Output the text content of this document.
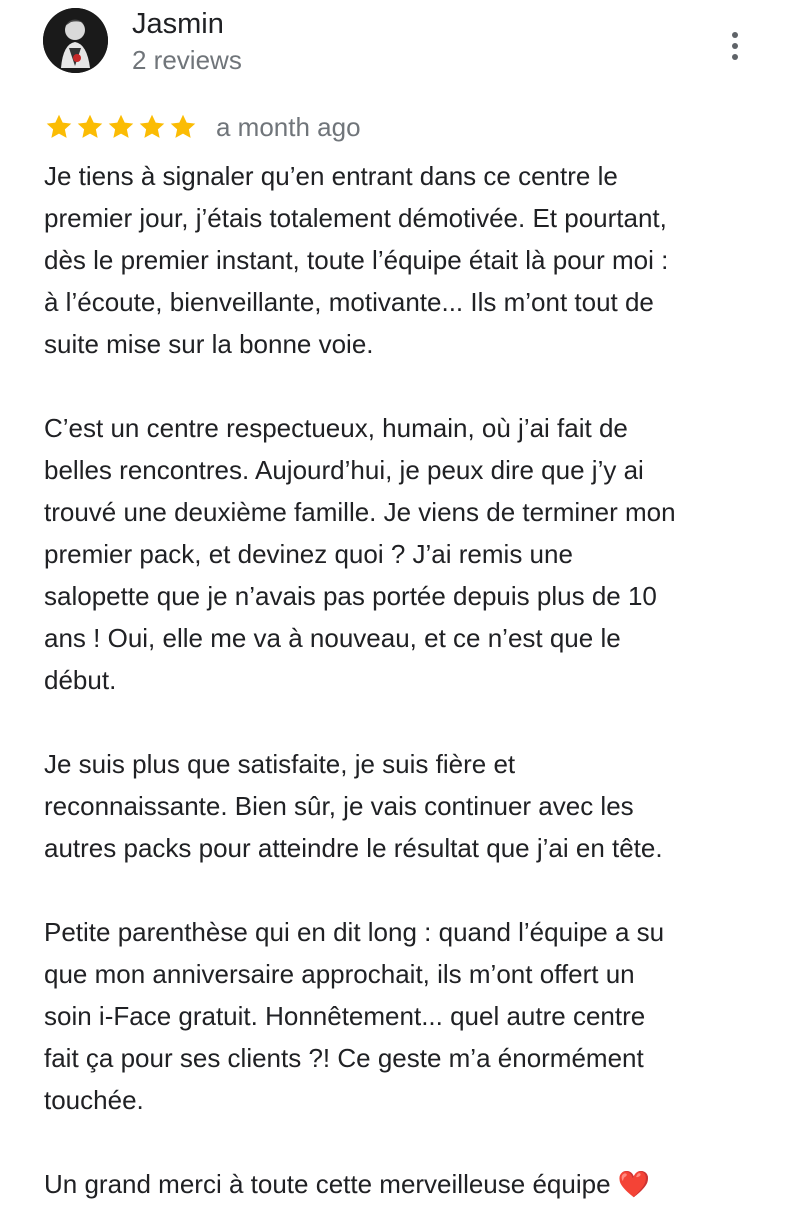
Jasmin
2 reviews
a month ago

Je tiens à signaler qu’en entrant dans ce centre le
premier jour, j’étais totalement démotivée. Et pourtant,
dès le premier instant, toute l’équipe était là pour moi :
à l’écoute, bienveillante, motivante... Ils m’ont tout de
suite mise sur la bonne voie.

C’est un centre respectueux, humain, où j’ai fait de
belles rencontres. Aujourd’hui, je peux dire que j’y ai
trouvé une deuxième famille. Je viens de terminer mon
premier pack, et devinez quoi ? J’ai remis une
salopette que je n’avais pas portée depuis plus de 10
ans ! Oui, elle me va à nouveau, et ce n’est que le
début.

Je suis plus que satisfaite, je suis fière et
reconnaissante. Bien sûr, je vais continuer avec les
autres packs pour atteindre le résultat que j’ai en tête.

Petite parenthèse qui en dit long : quand l’équipe a su
que mon anniversaire approchait, ils m’ont offert un
soin i-Face gratuit. Honnêtement... quel autre centre
fait ça pour ses clients ?! Ce geste m’a énormément
touchée.

Un grand merci à toute cette merveilleuse équipe ❤️
